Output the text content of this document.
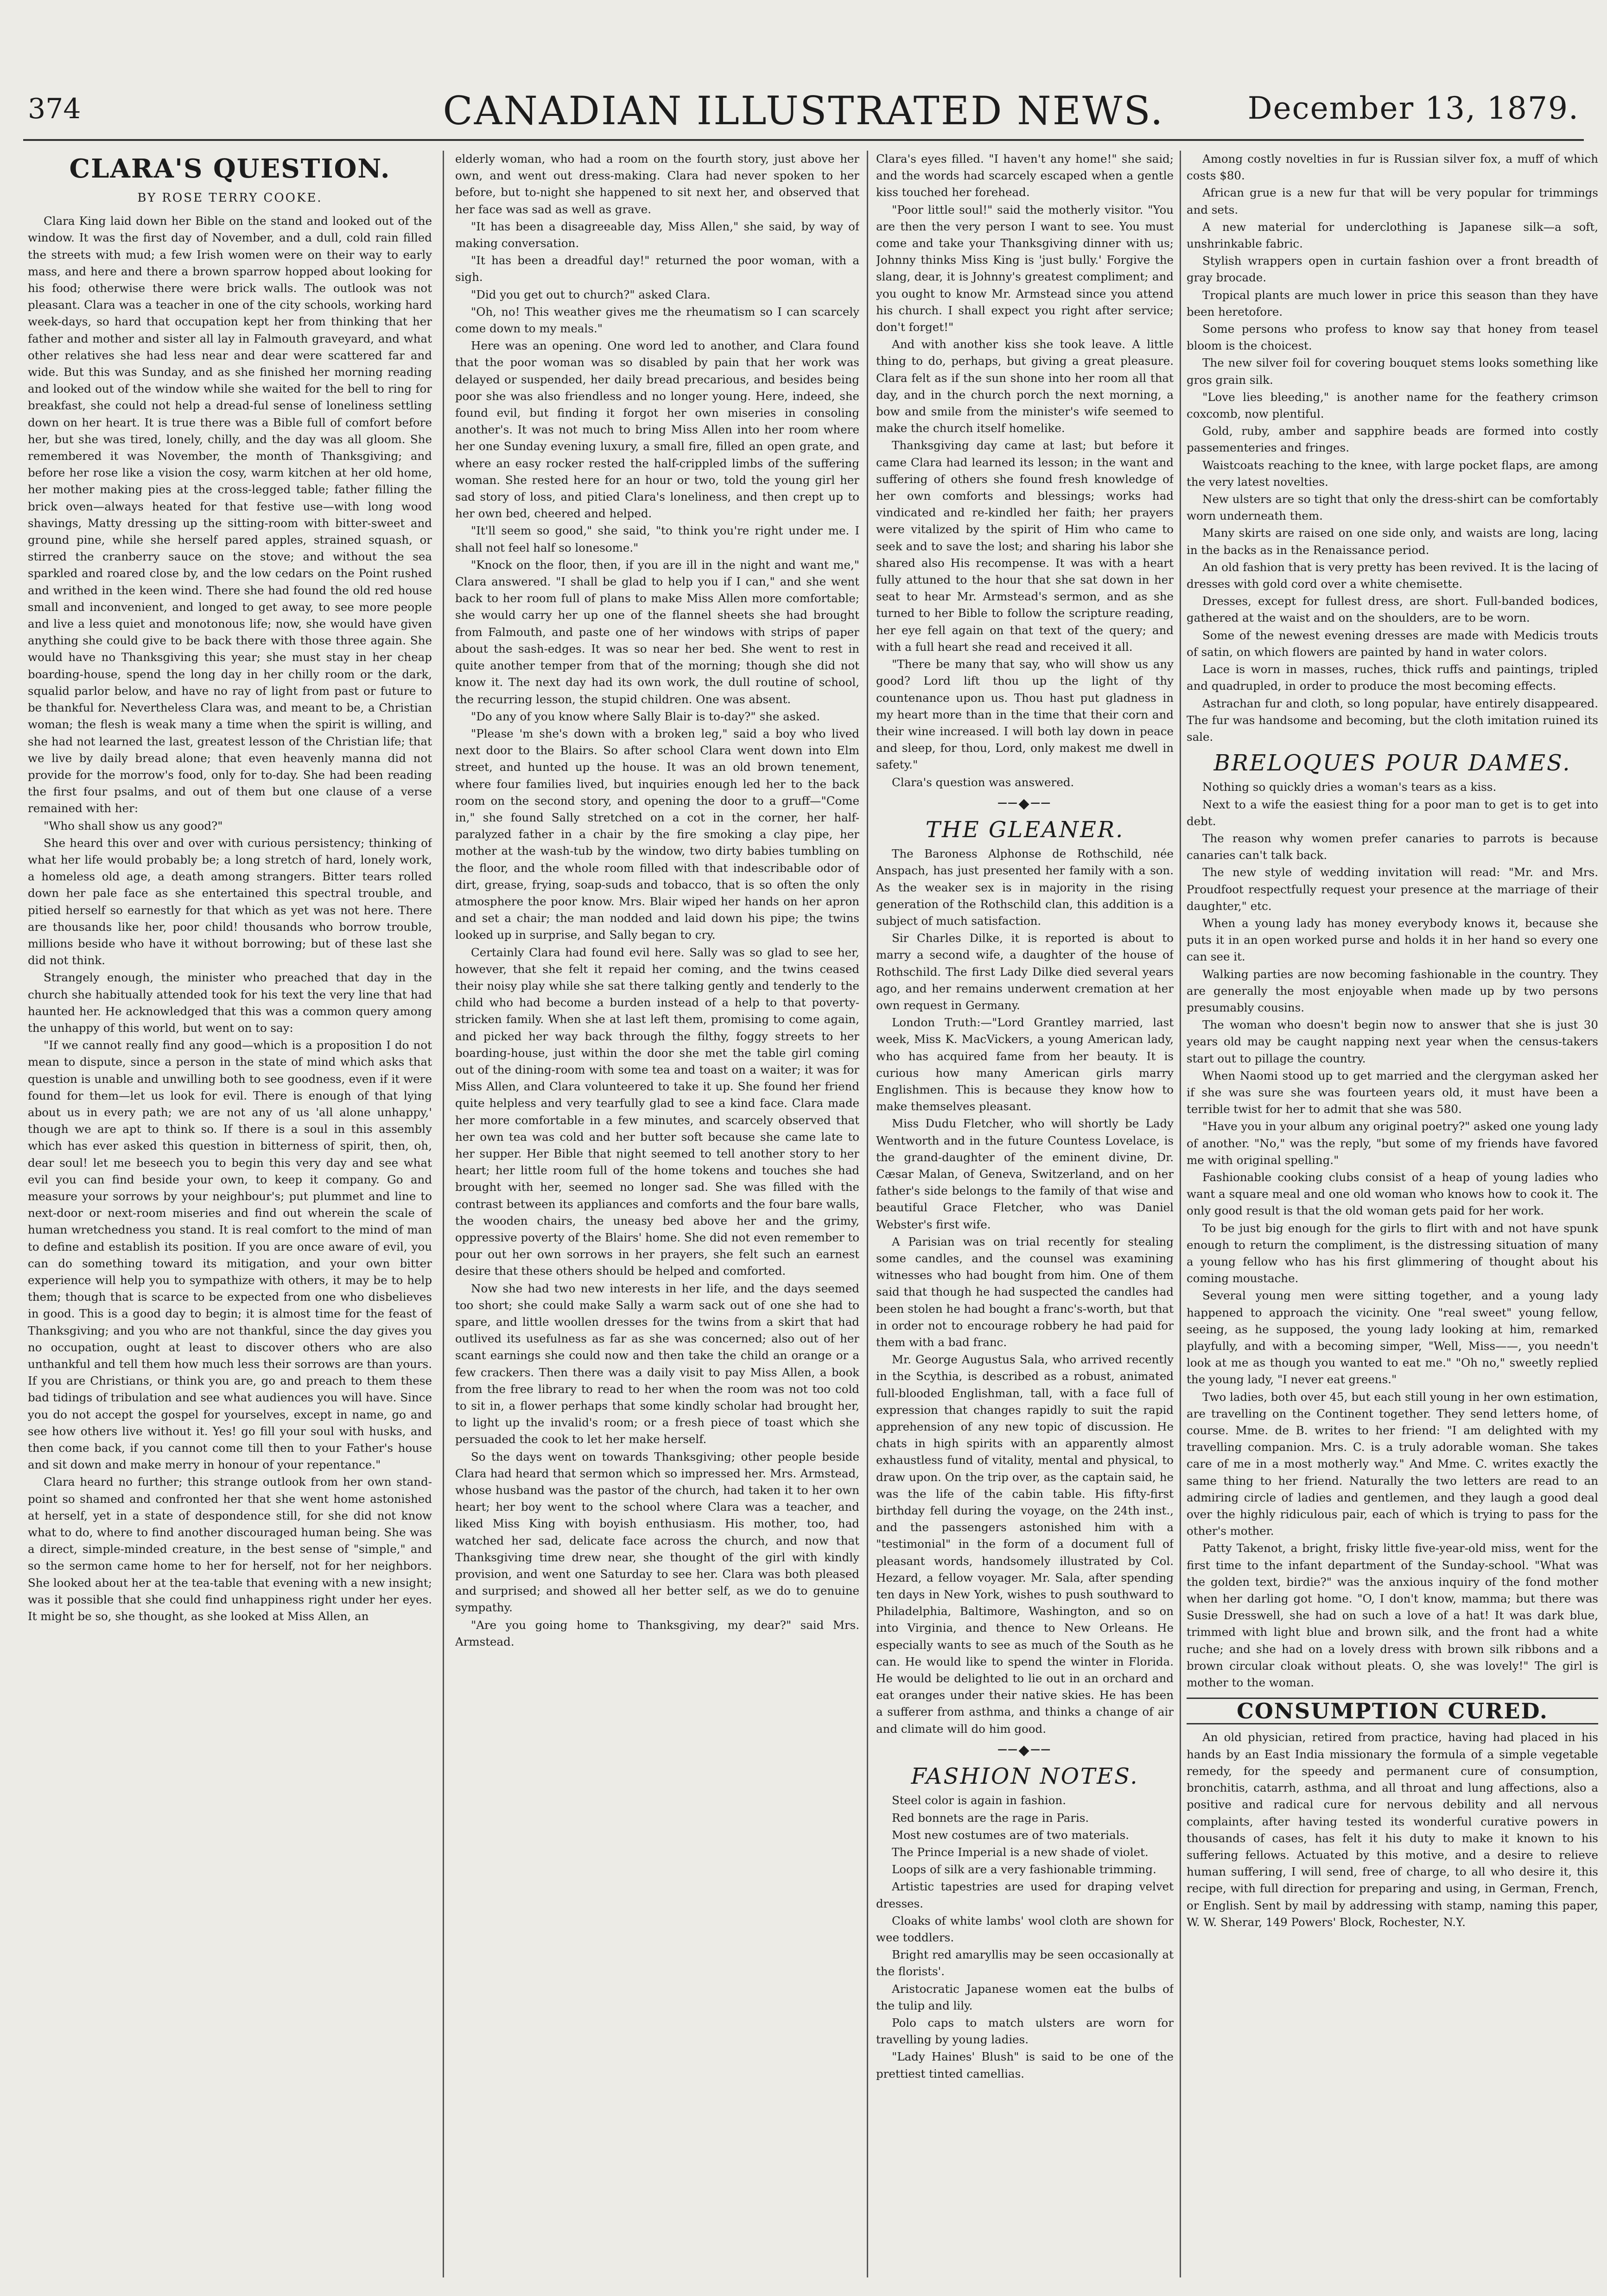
374	CANADIAN ILLUSTRATED NEWS.	December 13, 1879.
CLARA'S QUESTION.
BY ROSE TERRY COOKE.

Clara King laid down her Bible on the stand and looked out of the window. It was the first day of November, and a dull, cold rain filled the streets with mud; a few Irish women were on their way to early mass, and here and there a brown sparrow hopped about looking for his food; otherwise there were brick walls. The outlook was not pleasant. Clara was a teacher in one of the city schools, working hard week-days, so hard that occupation kept her from thinking that her father and mother and sister all lay in Falmouth graveyard, and what other relatives she had less near and dear were scattered far and wide. But this was Sunday, and as she finished her morning reading and looked out of the window while she waited for the bell to ring for breakfast, she could not help a dread-ful sense of loneliness settling down on her heart. It is true there was a Bible full of comfort before her, but she was tired, lonely, chilly, and the day was all gloom. She remembered it was November, the month of Thanksgiving; and before her rose like a vision the cosy, warm kitchen at her old home, her mother making pies at the cross-legged table; father filling the brick oven—always heated for that festive use—with long wood shavings, Matty dressing up the sitting-room with bitter-sweet and ground pine, while she herself pared apples, strained squash, or stirred the cranberry sauce on the stove; and without the sea sparkled and roared close by, and the low cedars on the Point rushed and writhed in the keen wind. There she had found the old red house small and inconvenient, and longed to get away, to see more people and live a less quiet and monotonous life; now, she would have given anything she could give to be back there with those three again. She would have no Thanksgiving this year; she must stay in her cheap boarding-house, spend the long day in her chilly room or the dark, squalid parlor below, and have no ray of light from past or future to be thankful for. Nevertheless Clara was, and meant to be, a Christian woman; the flesh is weak many a time when the spirit is willing, and she had not learned the last, greatest lesson of the Christian life; that we live by daily bread alone; that even heavenly manna did not provide for the morrow's food, only for to-day. She had been reading the first four psalms, and out of them but one clause of a verse remained with her:

"Who shall show us any good?"

She heard this over and over with curious persistency; thinking of what her life would probably be; a long stretch of hard, lonely work, a homeless old age, a death among strangers. Bitter tears rolled down her pale face as she entertained this spectral trouble, and pitied herself so earnestly for that which as yet was not here. There are thousands like her, poor child! thousands who borrow trouble, millions beside who have it without borrowing; but of these last she did not think.

Strangely enough, the minister who preached that day in the church she habitually attended took for his text the very line that had haunted her. He acknowledged that this was a common query among the unhappy of this world, but went on to say:

"If we cannot really find any good—which is a proposition I do not mean to dispute, since a person in the state of mind which asks that question is unable and unwilling both to see goodness, even if it were found for them—let us look for evil. There is enough of that lying about us in every path; we are not any of us 'all alone unhappy,' though we are apt to think so. If there is a soul in this assembly which has ever asked this question in bitterness of spirit, then, oh, dear soul! let me beseech you to begin this very day and see what evil you can find beside your own, to keep it company. Go and measure your sorrows by your neighbour's; put plummet and line to next-door or next-room miseries and find out wherein the scale of human wretchedness you stand. It is real comfort to the mind of man to define and establish its position. If you are once aware of evil, you can do something toward its mitigation, and your own bitter experience will help you to sympathize with others, it may be to help them; though that is scarce to be expected from one who disbelieves in good. This is a good day to begin; it is almost time for the feast of Thanksgiving; and you who are not thankful, since the day gives you no occupation, ought at least to discover others who are also unthankful and tell them how much less their sorrows are than yours. If you are Christians, or think you are, go and preach to them these bad tidings of tribulation and see what audiences you will have. Since you do not accept the gospel for yourselves, except in name, go and see how others live without it. Yes! go fill your soul with husks, and then come back, if you cannot come till then to your Father's house and sit down and make merry in honour of your repentance."

Clara heard no further; this strange outlook from her own stand-point so shamed and confronted her that she went home astonished at herself, yet in a state of despondence still, for she did not know what to do, where to find another discouraged human being. She was a direct, simple-minded creature, in the best sense of "simple," and so the sermon came home to her for herself, not for her neighbors. She looked about her at the tea-table that evening with a new insight; was it possible that she could find unhappiness right under her eyes. It might be so, she thought, as she looked at Miss Allen, an

elderly woman, who had a room on the fourth story, just above her own, and went out dress-making. Clara had never spoken to her before, but to-night she happened to sit next her, and observed that her face was sad as well as grave.

"It has been a disagreeable day, Miss Allen," she said, by way of making conversation.

"It has been a dreadful day!" returned the poor woman, with a sigh.

"Did you get out to church?" asked Clara.

"Oh, no! This weather gives me the rheumatism so I can scarcely come down to my meals."

Here was an opening. One word led to another, and Clara found that the poor woman was so disabled by pain that her work was delayed or suspended, her daily bread precarious, and besides being poor she was also friendless and no longer young. Here, indeed, she found evil, but finding it forgot her own miseries in consoling another's. It was not much to bring Miss Allen into her room where her one Sunday evening luxury, a small fire, filled an open grate, and where an easy rocker rested the half-crippled limbs of the suffering woman. She rested here for an hour or two, told the young girl her sad story of loss, and pitied Clara's loneliness, and then crept up to her own bed, cheered and helped.

"It'll seem so good," she said, "to think you're right under me. I shall not feel half so lonesome."

"Knock on the floor, then, if you are ill in the night and want me," Clara answered. "I shall be glad to help you if I can," and she went back to her room full of plans to make Miss Allen more comfortable; she would carry her up one of the flannel sheets she had brought from Falmouth, and paste one of her windows with strips of paper about the sash-edges. It was so near her bed. She went to rest in quite another temper from that of the morning; though she did not know it. The next day had its own work, the dull routine of school, the recurring lesson, the stupid children. One was absent.

"Do any of you know where Sally Blair is to-day?" she asked.

"Please 'm she's down with a broken leg," said a boy who lived next door to the Blairs. So after school Clara went down into Elm street, and hunted up the house. It was an old brown tenement, where four families lived, but inquiries enough led her to the back room on the second story, and opening the door to a gruff—"Come in," she found Sally stretched on a cot in the corner, her half-paralyzed father in a chair by the fire smoking a clay pipe, her mother at the wash-tub by the window, two dirty babies tumbling on the floor, and the whole room filled with that indescribable odor of dirt, grease, frying, soap-suds and tobacco, that is so often the only atmosphere the poor know. Mrs. Blair wiped her hands on her apron and set a chair; the man nodded and laid down his pipe; the twins looked up in surprise, and Sally began to cry.

Certainly Clara had found evil here. Sally was so glad to see her, however, that she felt it repaid her coming, and the twins ceased their noisy play while she sat there talking gently and tenderly to the child who had become a burden instead of a help to that poverty-stricken family. When she at last left them, promising to come again, and picked her way back through the filthy, foggy streets to her boarding-house, just within the door she met the table girl coming out of the dining-room with some tea and toast on a waiter; it was for Miss Allen, and Clara volunteered to take it up. She found her friend quite helpless and very tearfully glad to see a kind face. Clara made her more comfortable in a few minutes, and scarcely observed that her own tea was cold and her butter soft because she came late to her supper. Her Bible that night seemed to tell another story to her heart; her little room full of the home tokens and touches she had brought with her, seemed no longer sad. She was filled with the contrast between its appliances and comforts and the four bare walls, the wooden chairs, the uneasy bed above her and the grimy, oppressive poverty of the Blairs' home. She did not even remember to pour out her own sorrows in her prayers, she felt such an earnest desire that these others should be helped and comforted.

Now she had two new interests in her life, and the days seemed too short; she could make Sally a warm sack out of one she had to spare, and little woollen dresses for the twins from a skirt that had outlived its usefulness as far as she was concerned; also out of her scant earnings she could now and then take the child an orange or a few crackers. Then there was a daily visit to pay Miss Allen, a book from the free library to read to her when the room was not too cold to sit in, a flower perhaps that some kindly scholar had brought her, to light up the invalid's room; or a fresh piece of toast which she persuaded the cook to let her make herself.

So the days went on towards Thanksgiving; other people beside Clara had heard that sermon which so impressed her. Mrs. Armstead, whose husband was the pastor of the church, had taken it to her own heart; her boy went to the school where Clara was a teacher, and liked Miss King with boyish enthusiasm. His mother, too, had watched her sad, delicate face across the church, and now that Thanksgiving time drew near, she thought of the girl with kindly provision, and went one Saturday to see her. Clara was both pleased and surprised; and showed all her better self, as we do to genuine sympathy.

"Are you going home to Thanksgiving, my dear?" said Mrs. Armstead.

Clara's eyes filled. "I haven't any home!" she said; and the words had scarcely escaped when a gentle kiss touched her forehead.

"Poor little soul!" said the motherly visitor. "You are then the very person I want to see. You must come and take your Thanksgiving dinner with us; Johnny thinks Miss King is 'just bully.' Forgive the slang, dear, it is Johnny's greatest compliment; and you ought to know Mr. Armstead since you attend his church. I shall expect you right after service; don't forget!"

And with another kiss she took leave. A little thing to do, perhaps, but giving a great pleasure. Clara felt as if the sun shone into her room all that day, and in the church porch the next morning, a bow and smile from the minister's wife seemed to make the church itself homelike.

Thanksgiving day came at last; but before it came Clara had learned its lesson; in the want and suffering of others she found fresh knowledge of her own comforts and blessings; works had vindicated and re-kindled her faith; her prayers were vitalized by the spirit of Him who came to seek and to save the lost; and sharing his labor she shared also His recompense. It was with a heart fully attuned to the hour that she sat down in her seat to hear Mr. Armstead's sermon, and as she turned to her Bible to follow the scripture reading, her eye fell again on that text of the query; and with a full heart she read and received it all.

"There be many that say, who will show us any good? Lord lift thou up the light of thy countenance upon us. Thou hast put gladness in my heart more than in the time that their corn and their wine increased. I will both lay down in peace and sleep, for thou, Lord, only makest me dwell in safety."

Clara's question was answered.

──◆──
THE GLEANER.

The Baroness Alphonse de Rothschild, née Anspach, has just presented her family with a son. As the weaker sex is in majority in the rising generation of the Rothschild clan, this addition is a subject of much satisfaction.

Sir Charles Dilke, it is reported is about to marry a second wife, a daughter of the house of Rothschild. The first Lady Dilke died several years ago, and her remains underwent cremation at her own request in Germany.

London Truth:—"Lord Grantley married, last week, Miss K. MacVickers, a young American lady, who has acquired fame from her beauty. It is curious how many American girls marry Englishmen. This is because they know how to make themselves pleasant.

Miss Dudu Fletcher, who will shortly be Lady Wentworth and in the future Countess Lovelace, is the grand-daughter of the eminent divine, Dr. Cæsar Malan, of Geneva, Switzerland, and on her father's side belongs to the family of that wise and beautiful Grace Fletcher, who was Daniel Webster's first wife.

A Parisian was on trial recently for stealing some candles, and the counsel was examining witnesses who had bought from him. One of them said that though he had suspected the candles had been stolen he had bought a franc's-worth, but that in order not to encourage robbery he had paid for them with a bad franc.

Mr. George Augustus Sala, who arrived recently in the Scythia, is described as a robust, animated full-blooded Englishman, tall, with a face full of expression that changes rapidly to suit the rapid apprehension of any new topic of discussion. He chats in high spirits with an apparently almost exhaustless fund of vitality, mental and physical, to draw upon. On the trip over, as the captain said, he was the life of the cabin table. His fifty-first birthday fell during the voyage, on the 24th inst., and the passengers astonished him with a "testimonial" in the form of a document full of pleasant words, handsomely illustrated by Col. Hezard, a fellow voyager. Mr. Sala, after spending ten days in New York, wishes to push southward to Philadelphia, Baltimore, Washington, and so on into Virginia, and thence to New Orleans. He especially wants to see as much of the South as he can. He would like to spend the winter in Florida. He would be delighted to lie out in an orchard and eat oranges under their native skies. He has been a sufferer from asthma, and thinks a change of air and climate will do him good.

──◆──
FASHION NOTES.

Steel color is again in fashion.

Red bonnets are the rage in Paris.

Most new costumes are of two materials.

The Prince Imperial is a new shade of violet.

Loops of silk are a very fashionable trimming.

Artistic tapestries are used for draping velvet dresses.

Cloaks of white lambs' wool cloth are shown for wee toddlers.

Bright red amaryllis may be seen occasionally at the florists'.

Aristocratic Japanese women eat the bulbs of the tulip and lily.

Polo caps to match ulsters are worn for travelling by young ladies.

"Lady Haines' Blush" is said to be one of the prettiest tinted camellias.

Among costly novelties in fur is Russian silver fox, a muff of which costs $80.

African grue is a new fur that will be very popular for trimmings and sets.

A new material for underclothing is Japanese silk—a soft, unshrinkable fabric.

Stylish wrappers open in curtain fashion over a front breadth of gray brocade.

Tropical plants are much lower in price this season than they have been heretofore.

Some persons who profess to know say that honey from teasel bloom is the choicest.

The new silver foil for covering bouquet stems looks something like gros grain silk.

"Love lies bleeding," is another name for the feathery crimson coxcomb, now plentiful.

Gold, ruby, amber and sapphire beads are formed into costly passementeries and fringes.

Waistcoats reaching to the knee, with large pocket flaps, are among the very latest novelties.

New ulsters are so tight that only the dress-shirt can be comfortably worn underneath them.

Many skirts are raised on one side only, and waists are long, lacing in the backs as in the Renaissance period.

An old fashion that is very pretty has been revived. It is the lacing of dresses with gold cord over a white chemisette.

Dresses, except for fullest dress, are short. Full-banded bodices, gathered at the waist and on the shoulders, are to be worn.

Some of the newest evening dresses are made with Medicis trouts of satin, on which flowers are painted by hand in water colors.

Lace is worn in masses, ruches, thick ruffs and paintings, tripled and quadrupled, in order to produce the most becoming effects.

Astrachan fur and cloth, so long popular, have entirely disappeared. The fur was handsome and becoming, but the cloth imitation ruined its sale.

BRELOQUES POUR DAMES.

Nothing so quickly dries a woman's tears as a kiss.

Next to a wife the easiest thing for a poor man to get is to get into debt.

The reason why women prefer canaries to parrots is because canaries can't talk back.

The new style of wedding invitation will read: "Mr. and Mrs. Proudfoot respectfully request your presence at the marriage of their daughter," etc.

When a young lady has money everybody knows it, because she puts it in an open worked purse and holds it in her hand so every one can see it.

Walking parties are now becoming fashionable in the country. They are generally the most enjoyable when made up by two persons presumably cousins.

The woman who doesn't begin now to answer that she is just 30 years old may be caught napping next year when the census-takers start out to pillage the country.

When Naomi stood up to get married and the clergyman asked her if she was sure she was fourteen years old, it must have been a terrible twist for her to admit that she was 580.

"Have you in your album any original poetry?" asked one young lady of another. "No," was the reply, "but some of my friends have favored me with original spelling."

Fashionable cooking clubs consist of a heap of young ladies who want a square meal and one old woman who knows how to cook it. The only good result is that the old woman gets paid for her work.

To be just big enough for the girls to flirt with and not have spunk enough to return the compliment, is the distressing situation of many a young fellow who has his first glimmering of thought about his coming moustache.

Several young men were sitting together, and a young lady happened to approach the vicinity. One "real sweet" young fellow, seeing, as he supposed, the young lady looking at him, remarked playfully, and with a becoming simper, "Well, Miss——, you needn't look at me as though you wanted to eat me." "Oh no," sweetly replied the young lady, "I never eat greens."

Two ladies, both over 45, but each still young in her own estimation, are travelling on the Continent together. They send letters home, of course. Mme. de B. writes to her friend: "I am delighted with my travelling companion. Mrs. C. is a truly adorable woman. She takes care of me in a most motherly way." And Mme. C. writes exactly the same thing to her friend. Naturally the two letters are read to an admiring circle of ladies and gentlemen, and they laugh a good deal over the highly ridiculous pair, each of which is trying to pass for the other's mother.

Patty Takenot, a bright, frisky little five-year-old miss, went for the first time to the infant department of the Sunday-school. "What was the golden text, birdie?" was the anxious inquiry of the fond mother when her darling got home. "O, I don't know, mamma; but there was Susie Dresswell, she had on such a love of a hat! It was dark blue, trimmed with light blue and brown silk, and the front had a white ruche; and she had on a lovely dress with brown silk ribbons and a brown circular cloak without pleats. O, she was lovely!" The girl is mother to the woman.

CONSUMPTION CURED.

An old physician, retired from practice, having had placed in his hands by an East India missionary the formula of a simple vegetable remedy, for the speedy and permanent cure of consumption, bronchitis, catarrh, asthma, and all throat and lung affections, also a positive and radical cure for nervous debility and all nervous complaints, after having tested its wonderful curative powers in thousands of cases, has felt it his duty to make it known to his suffering fellows. Actuated by this motive, and a desire to relieve human suffering, I will send, free of charge, to all who desire it, this recipe, with full direction for preparing and using, in German, French, or English. Sent by mail by addressing with stamp, naming this paper, W. W. Sherar, 149 Powers' Block, Rochester, N.Y.
